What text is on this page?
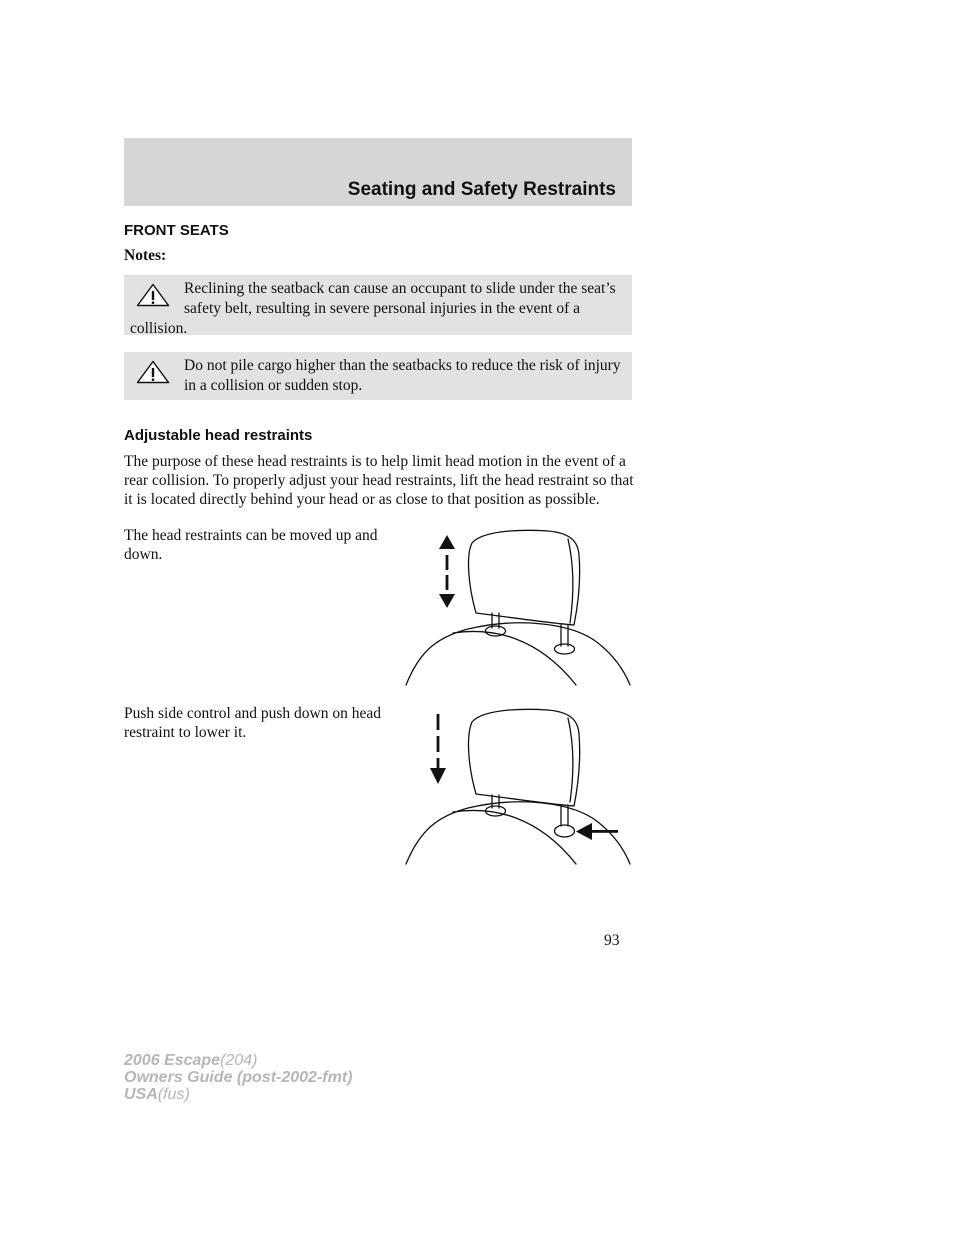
Seating and Safety Restraints
FRONT SEATS
Notes:

Reclining the seatback can cause an occupant to slide under the seat’s safety belt, resulting in severe personal injuries in the event of a collision.

Do not pile cargo higher than the seatbacks to reduce the risk of injury in a collision or sudden stop.

Adjustable head restraints

The purpose of these head restraints is to help limit head motion in the event of a rear collision. To properly adjust your head restraints, lift the head restraint so that it is located directly behind your head or as close to that position as possible.

The head restraints can be moved up and down.

Push side control and push down on head restraint to lower it.

93
2006 Escape(204)
Owners Guide (post-2002-fmt)
USA(fus)
